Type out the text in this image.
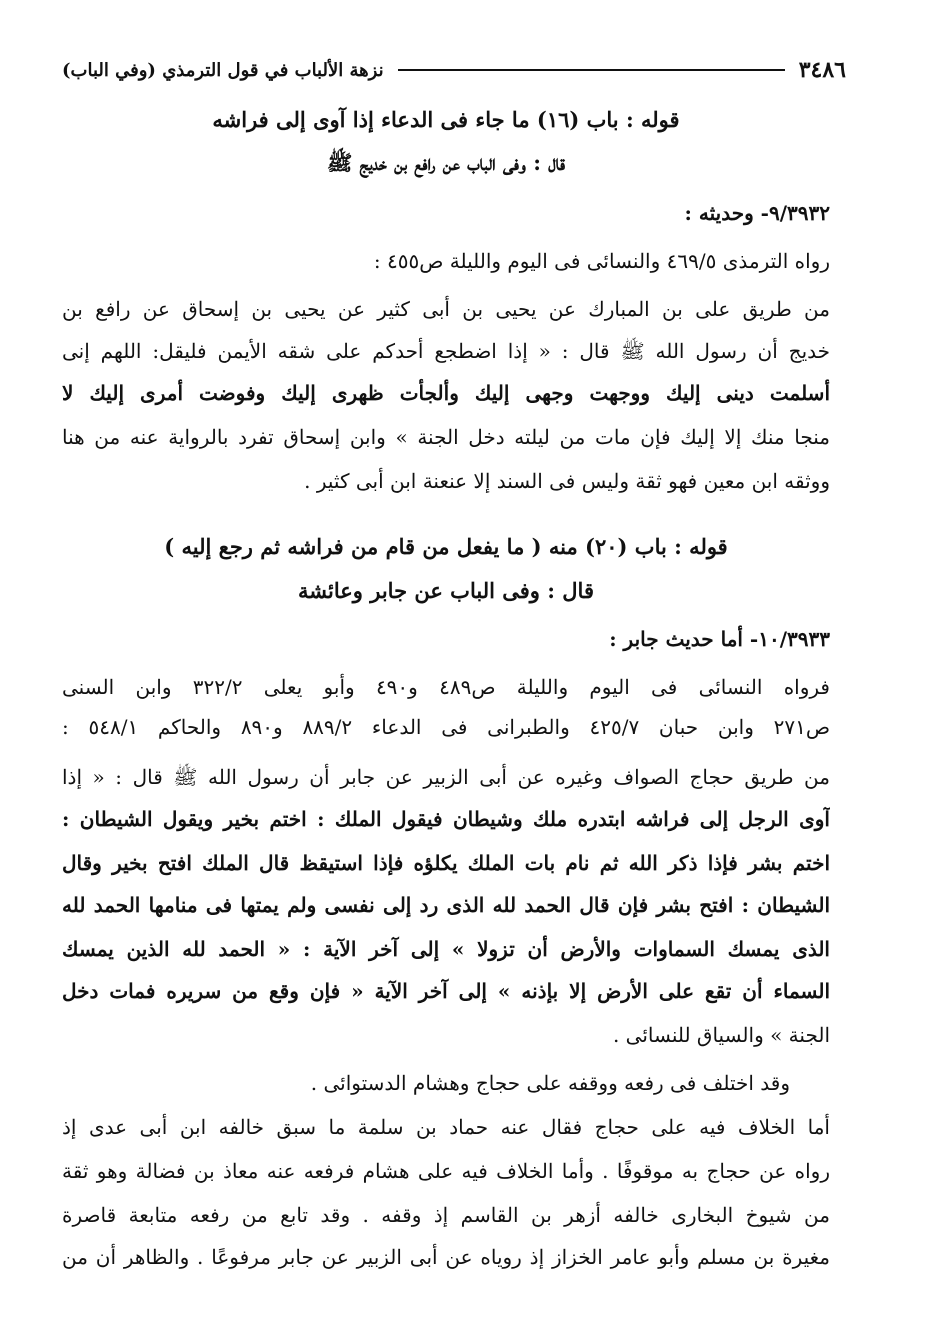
٣٤٨٦
نزهة الألباب في قول الترمذي (وفي الباب)
قوله : باب (١٦) ما جاء فى الدعاء إذا آوى إلى فراشه
قال : وفى الباب عن رافع بن خديج ﷺ
٩/٣٩٣٢- وحديثه :
رواه الترمذى ٤٦٩/٥ والنسائى فى اليوم والليلة ص٤٥٥ :
من طريق على بن المبارك عن يحيى بن أبى كثير عن يحيى بن إسحاق عن رافع بن
خديج أن رسول الله ﷺ قال : « إذا اضطجع أحدكم على شقه الأيمن فليقل: اللهم إنى
أسلمت دينى إليك ووجهت وجهى إليك وألجأت ظهرى إليك وفوضت أمرى إليك لا
منجا منك إلا إليك فإن مات من ليلته دخل الجنة » وابن إسحاق تفرد بالرواية عنه من هنا
ووثقه ابن معين فهو ثقة وليس فى السند إلا عنعنة ابن أبى كثير .
قوله : باب (٢٠) منه ( ما يفعل من قام من فراشه ثم رجع إليه )
قال : وفى الباب عن جابر وعائشة
١٠/٣٩٣٣- أما حديث جابر :
فرواه النسائى فى اليوم والليلة ص٤٨٩ و٤٩٠ وأبو يعلى ٣٢٢/٢ وابن السنى
ص٢٧١ وابن حبان ٤٢٥/٧ والطبرانى فى الدعاء ٨٨٩/٢ و٨٩٠ والحاكم ٥٤٨/١ :
من طريق حجاج الصواف وغيره عن أبى الزبير عن جابر أن رسول الله ﷺ قال : « إذا
آوى الرجل إلى فراشه ابتدره ملك وشيطان فيقول الملك : اختم بخير ويقول الشيطان :
اختم بشر فإذا ذكر الله ثم نام بات الملك يكلؤه فإذا استيقظ قال الملك افتح بخير وقال
الشيطان : افتح بشر فإن قال الحمد لله الذى رد إلى نفسى ولم يمتها فى منامها الحمد لله
الذى يمسك السماوات والأرض أن تزولا » إلى آخر الآية : « الحمد لله الذين يمسك
السماء أن تقع على الأرض إلا بإذنه » إلى آخر الآية « فإن وقع من سريره فمات دخل
الجنة » والسياق للنسائى .
وقد اختلف فى رفعه ووقفه على حجاج وهشام الدستوائى .
أما الخلاف فيه على حجاج فقال عنه حماد بن سلمة ما سبق خالفه ابن أبى عدى إذ
رواه عن حجاج به موقوفًا . وأما الخلاف فيه على هشام فرفعه عنه معاذ بن فضالة وهو ثقة
من شيوخ البخارى خالفه أزهر بن القاسم إذ وقفه . وقد تابع من رفعه متابعة قاصرة
مغيرة بن مسلم وأبو عامر الخزاز إذ روياه عن أبى الزبير عن جابر مرفوعًا . والظاهر أن من
